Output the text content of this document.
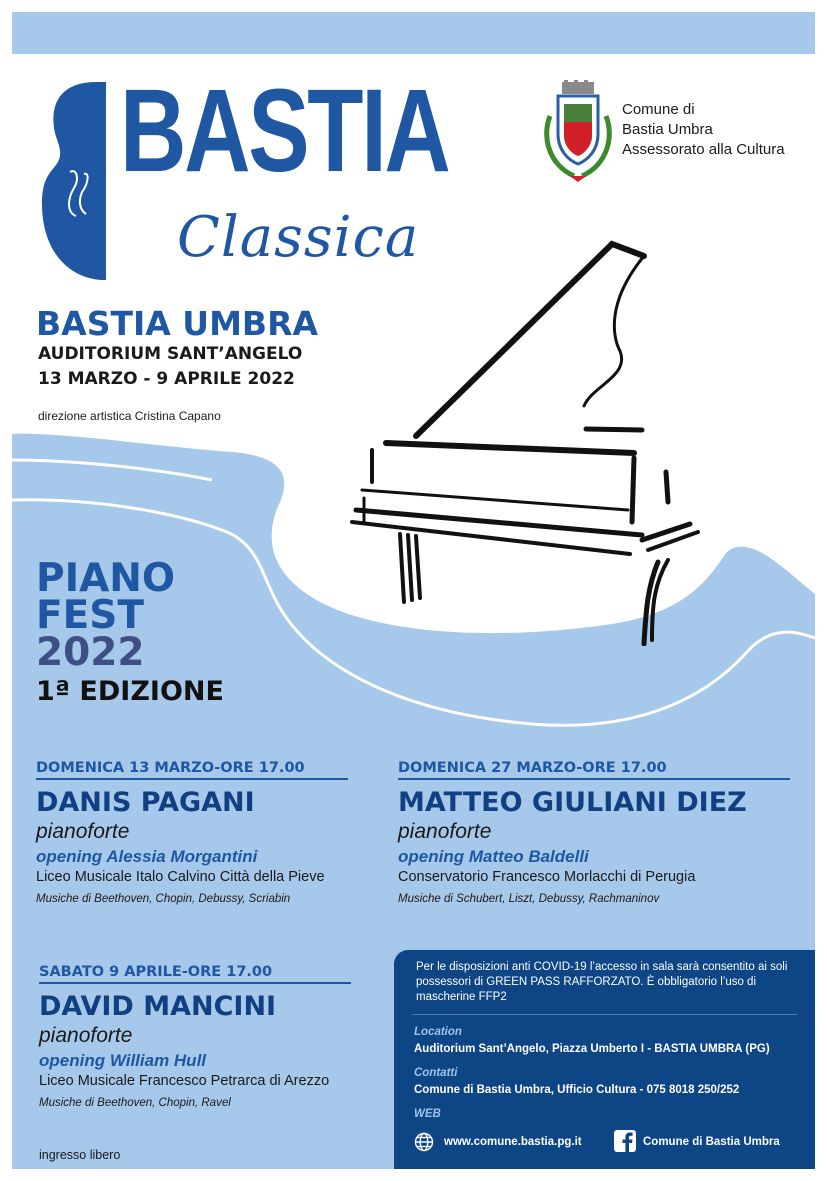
BASTIA
Classica
Comune di
Bastia Umbra
Assessorato alla Cultura
BASTIA UMBRA
AUDITORIUM SANT’ANGELO
13 MARZO - 9 APRILE 2022
direzione artistica Cristina Capano
PIANO
FEST
2022
1ª EDIZIONE
DOMENICA 13 MARZO-ORE 17.00
DANIS PAGANI
pianoforte
opening Alessia Morgantini
Liceo Musicale Italo Calvino Città della Pieve
Musiche di Beethoven, Chopin, Debussy, Scriabin
DOMENICA 27 MARZO-ORE 17.00
MATTEO GIULIANI DIEZ
pianoforte
opening Matteo Baldelli
Conservatorio Francesco Morlacchi di Perugia
Musiche di Schubert, Liszt, Debussy, Rachmaninov
SABATO 9 APRILE-ORE 17.00
DAVID MANCINI
pianoforte
opening William Hull
Liceo Musicale Francesco Petrarca di Arezzo
Musiche di Beethoven, Chopin, Ravel
Per le disposizioni anti COVID-19 l’accesso in sala sarà consentito ai soli possessori di GREEN PASS RAFFORZATO. È obbligatorio l’uso di mascherine FFP2
Location
Auditorium Sant’Angelo, Piazza Umberto I - BASTIA UMBRA (PG)
Contatti
Comune di Bastia Umbra, Ufficio Cultura - 075 8018 250/252
WEB
www.comune.bastia.pg.it	Comune di Bastia Umbra
ingresso libero
